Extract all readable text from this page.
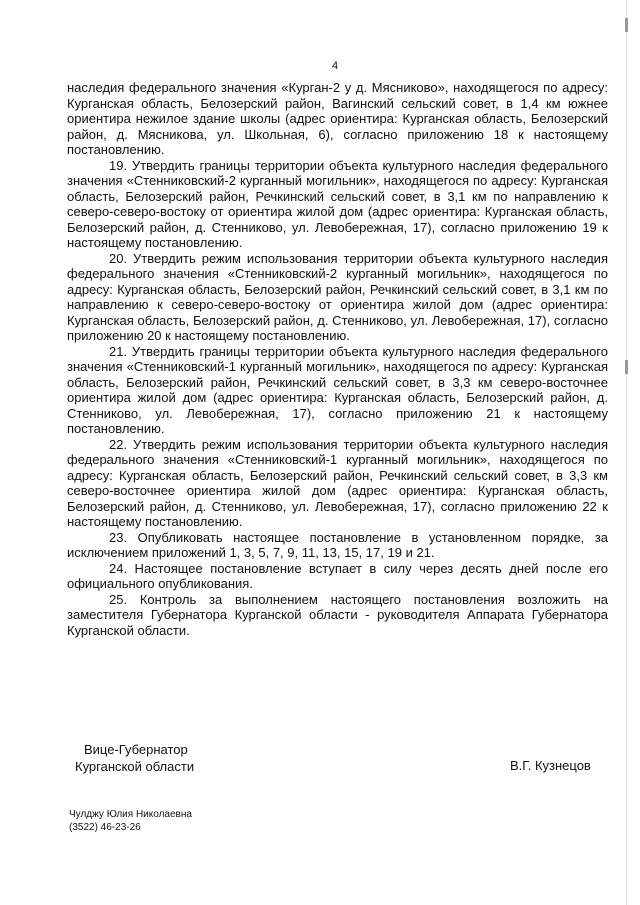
4

наследия федерального значения «Курган-2 у д. Мясниково», находящегося по адресу: Курганская область, Белозерский район, Вагинский сельский совет, в 1,4 км южнее ориентира нежилое здание школы (адрес ориентира: Курганская область, Белозерский район, д. Мясникова, ул. Школьная, 6), согласно приложению 18 к настоящему постановлению.

19. Утвердить границы территории объекта культурного наследия федерального значения «Стенниковский-2 курганный могильник», находящегося по адресу: Курганская область, Белозерский район, Речкинский сельский совет, в 3,1 км по направлению к северо-северо-востоку от ориентира жилой дом (адрес ориентира: Курганская область, Белозерский район, д. Стенниково, ул. Левобережная, 17), согласно приложению 19 к настоящему постановлению.

20. Утвердить режим использования территории объекта культурного наследия федерального значения «Стенниковский-2 курганный могильник», находящегося по адресу: Курганская область, Белозерский район, Речкинский сельский совет, в 3,1 км по направлению к северо-северо-востоку от ориентира жилой дом (адрес ориентира: Курганская область, Белозерский район, д. Стенниково, ул. Левобережная, 17), согласно приложению 20 к настоящему постановлению.

21. Утвердить границы территории объекта культурного наследия федерального значения «Стенниковский-1 курганный могильник», находящегося по адресу: Курганская область, Белозерский район, Речкинский сельский совет, в 3,3 км северо-восточнее ориентира жилой дом (адрес ориентира: Курганская область, Белозерский район, д. Стенниково, ул. Левобережная, 17), согласно приложению 21 к настоящему постановлению.

22. Утвердить режим использования территории объекта культурного наследия федерального значения «Стенниковский-1 курганный могильник», находящегося по адресу: Курганская область, Белозерский район, Речкинский сельский совет, в 3,3 км северо-восточнее ориентира жилой дом (адрес ориентира: Курганская область, Белозерский район, д. Стенниково, ул. Левобережная, 17), согласно приложению 22 к настоящему постановлению.

23. Опубликовать настоящее постановление в установленном порядке, за исключением приложений 1, 3, 5, 7, 9, 11, 13, 15, 17, 19 и 21.

24. Настоящее постановление вступает в силу через десять дней после его официального опубликования.

25. Контроль за выполнением настоящего постановления возложить на заместителя Губернатора Курганской области - руководителя Аппарата Губернатора Курганской области.

Вице-Губернатор

Курганской области	В.Г. Кузнецов

Чулджу Юлия Николаевна

(3522) 46-23-26
